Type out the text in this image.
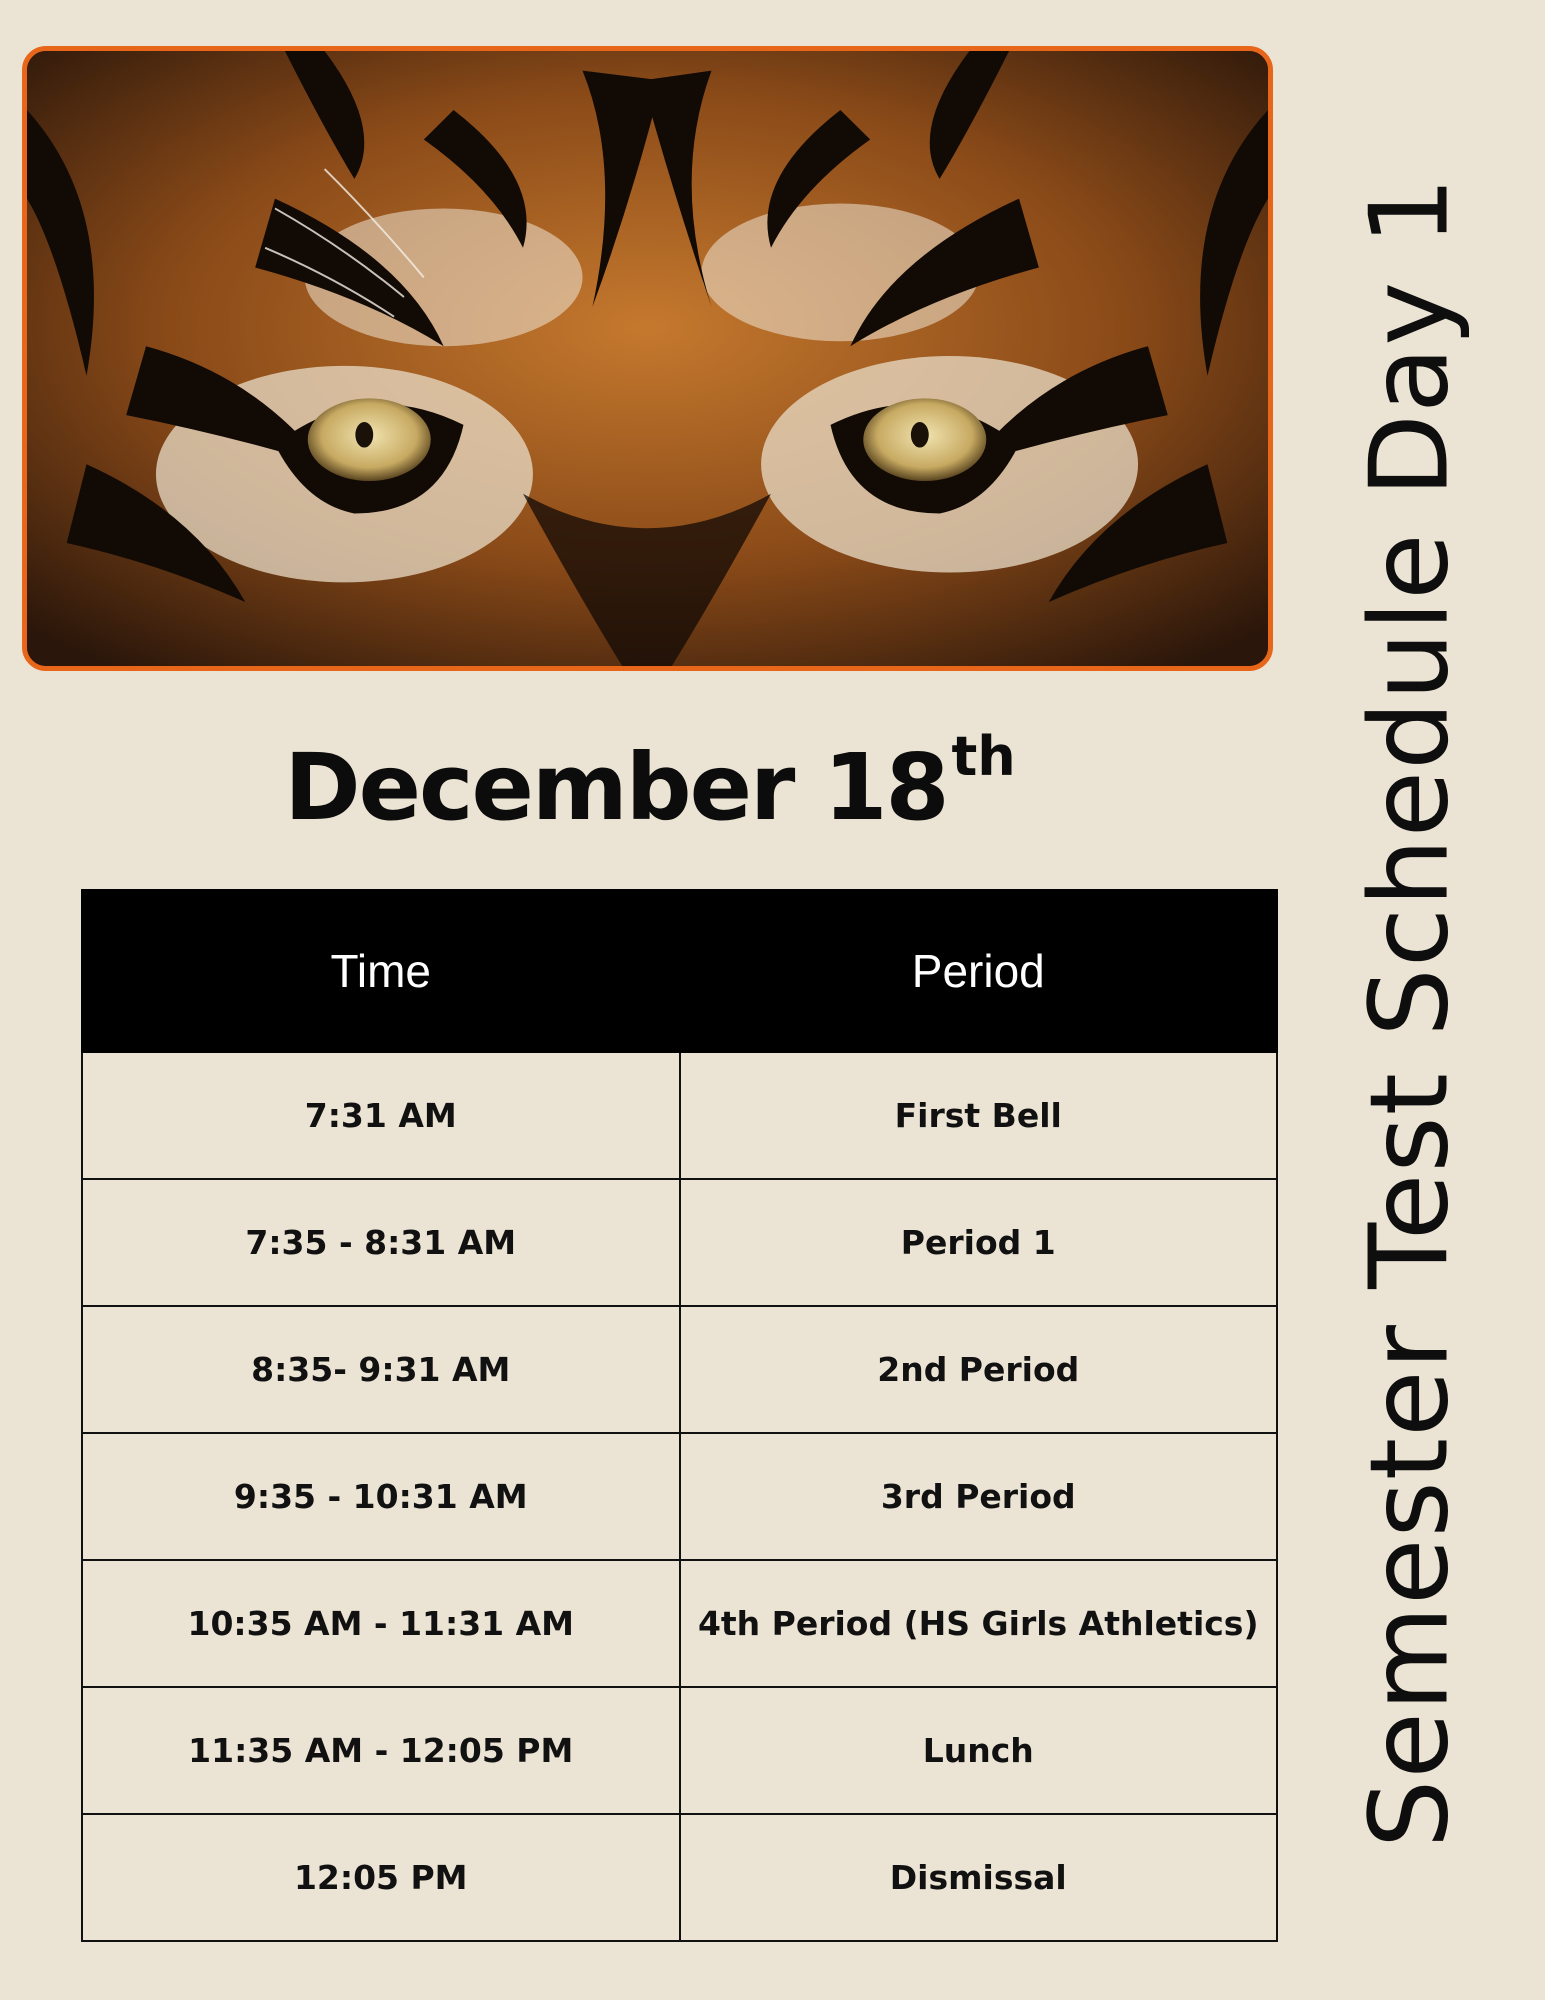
December 18th
Time	Period
7:31 AM	First Bell
7:35 - 8:31 AM	Period 1
8:35- 9:31 AM	2nd Period
9:35 - 10:31 AM	3rd Period
10:35 AM - 11:31 AM	4th Period (HS Girls Athletics)
11:35 AM - 12:05 PM	Lunch
12:05 PM	Dismissal
Semester Test Schedule Day 1
